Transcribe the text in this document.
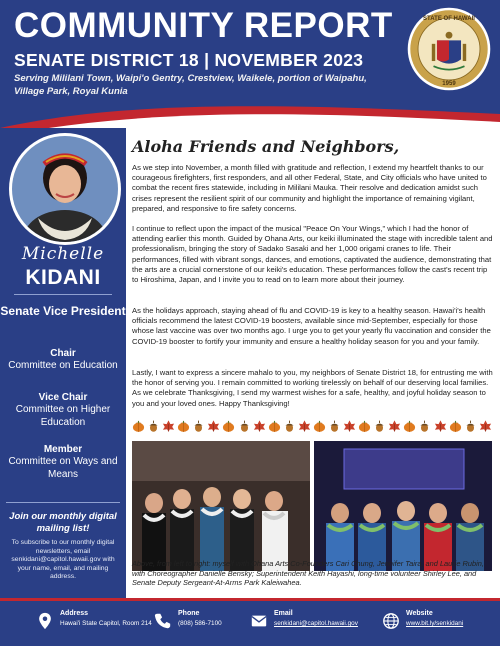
COMMUNITY REPORT
SENATE DISTRICT 18 | NOVEMBER 2023
Serving Mililani Town, Waipi'o Gentry, Crestview, Waikele, portion of Waipahu, Village Park, Royal Kunia
STATE OF HAWAII
1959
Michelle
KIDANI
Senate Vice President
Chair
Committee on Education
Vice Chair
Committee on Higher Education
Member
Committee on Ways and Means
Join our monthly digital mailing list!
To subscribe to our monthly digital newsletters, email senkidani@capitol.hawaii.gov with your name, email, and mailing address.
Aloha Friends and Neighbors,

As we step into November, a month filled with gratitude and reflection, I extend my heartfelt thanks to our courageous firefighters, first responders, and all other Federal, State, and City officials who have united to combat the recent fires statewide, including in Mililani Mauka. Their resolve and dedication amidst such crises represent the resilient spirit of our community and highlight the importance of remaining vigilant, prepared, and responsive to fire safety concerns.

I continue to reflect upon the impact of the musical "Peace On Your Wings," which I had the honor of attending earlier this month. Guided by Ohana Arts, our keiki illuminated the stage with incredible talent and professionalism, bringing the story of Sadako Sasaki and her 1,000 origami cranes to life. Their performances, filled with vibrant songs, dances, and emotions, captivated the audience, demonstrating that the arts are a crucial cornerstone of our keiki's education. These performances follow the cast's recent trip to Hiroshima, Japan, and I invite you to read on to learn more about their journey.

As the holidays approach, staying ahead of flu and COVID-19 is key to a healthy season. Hawai'i's health officials recommend the latest COVID-19 boosters, available since mid-September, especially for those whose last vaccine was over two months ago. I urge you to get your yearly flu vaccination and consider the COVID-19 booster to fortify your immunity and ensure a healthy holiday season for you and your family.

Lastly, I want to express a sincere mahalo to you, my neighbors of Senate District 18, for entrusting me with the honor of serving you. I remain committed to working tirelessly on behalf of our deserving local families. As we celebrate Thanksgiving, I send my warmest wishes for a safe, healthy, and joyful holiday season to you and your loved ones. Happy Thanksgiving!

Above, from left to right: myself with Ohana Arts Co-Founders Cari Chung, Jennifer Taira, and Laurie Rubin, with Choreographer Danielle Bensky; Superintendent Keith Hayashi, long-time volunteer Shirley Lee, and Senate Deputy Sergeant-At-Arms Park Kaleiwahea.
Address
Hawai'i State Capitol, Room 214
Phone
(808) 586-7100
Email
senkidani@capitol.hawaii.gov
Website
www.bit.ly/senkidani
